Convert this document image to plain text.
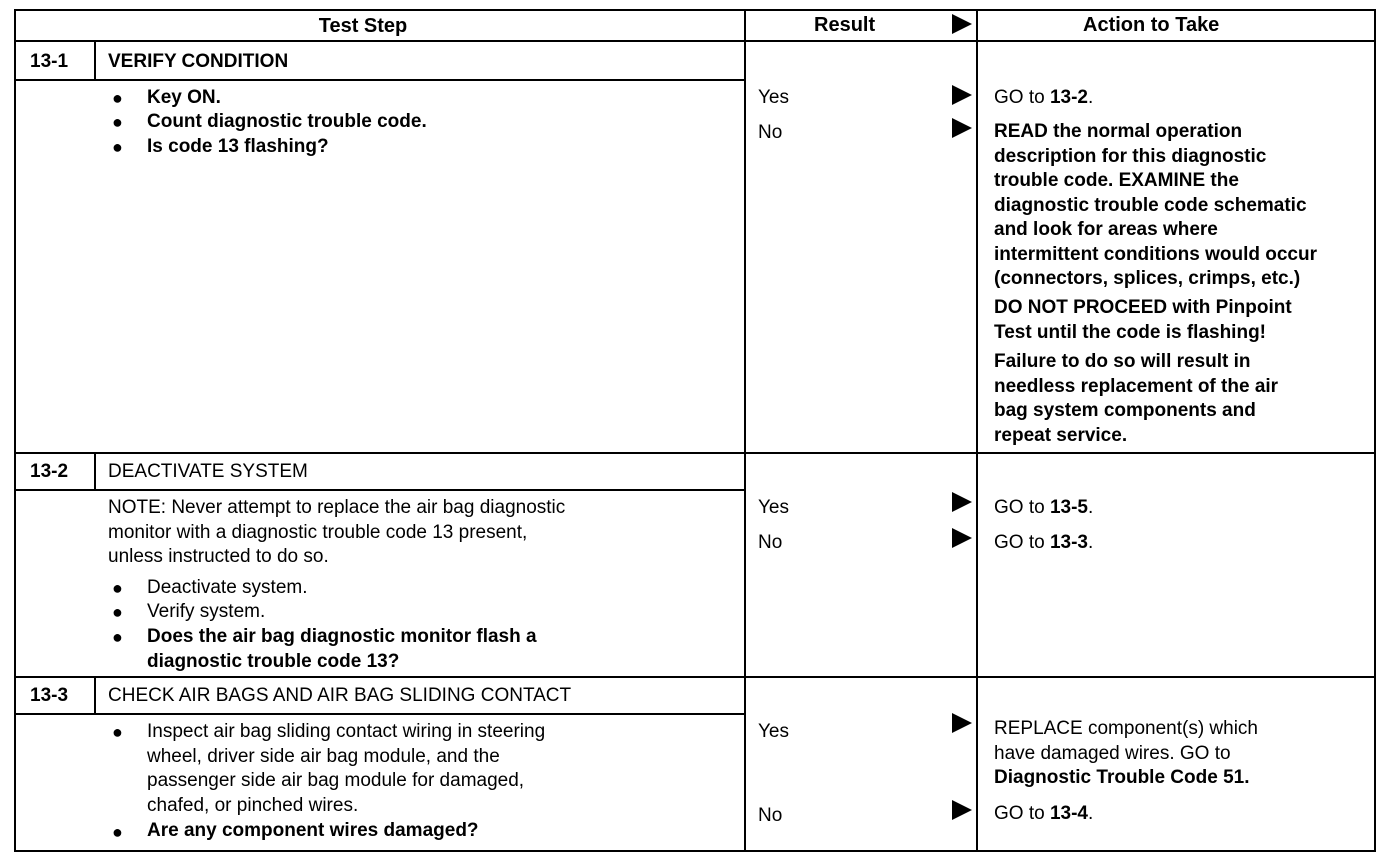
Test Step	Result	Action to Take
13-1 VERIFY CONDITION
● Key ON.
● Count diagnostic trouble code.
● Is code 13 flashing?
Yes	GO to 13-2.
No	READ the normal operation
description for this diagnostic
trouble code. EXAMINE the
diagnostic trouble code schematic
and look for areas where
intermittent conditions would occur
(connectors, splices, crimps, etc.)
DO NOT PROCEED with Pinpoint
Test until the code is flashing!
Failure to do so will result in
needless replacement of the air
bag system components and
repeat service.
13-2 DEACTIVATE SYSTEM
NOTE: Never attempt to replace the air bag diagnostic
monitor with a diagnostic trouble code 13 present,
unless instructed to do so.
● Deactivate system.
● Verify system.
● Does the air bag diagnostic monitor flash a
diagnostic trouble code 13?
Yes	GO to 13-5.
No	GO to 13-3.
13-3 CHECK AIR BAGS AND AIR BAG SLIDING CONTACT
● Inspect air bag sliding contact wiring in steering
wheel, driver side air bag module, and the
passenger side air bag module for damaged,
chafed, or pinched wires.
● Are any component wires damaged?
Yes	REPLACE component(s) which
have damaged wires. GO to
Diagnostic Trouble Code 51.
No	GO to 13-4.
